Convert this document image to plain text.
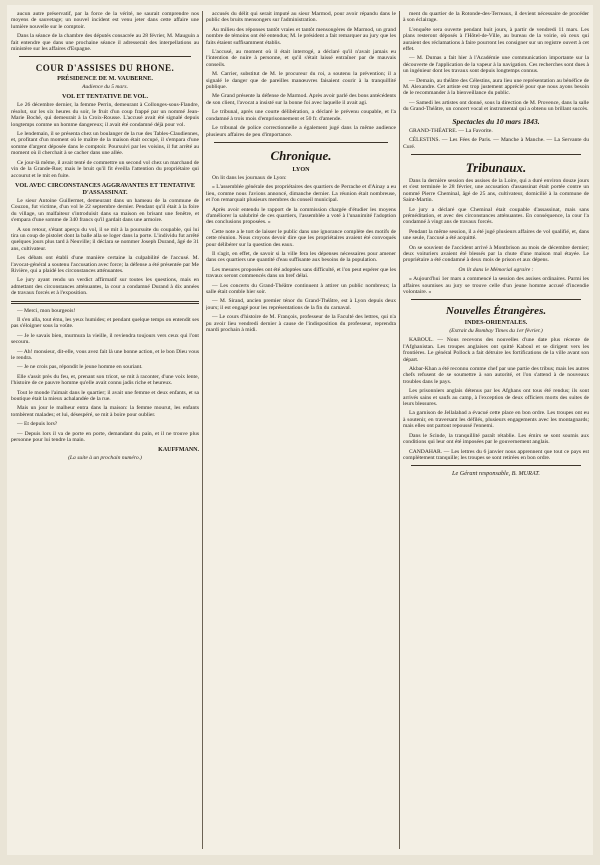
aucun autre préservatif, par la force de la vérité, ne saurait comprendre nos moyens de sauvetage; un nouvel incident est venu jeter dans cette affaire une lumière nouvelle sur le comptoir.

Dans la séance de la chambre des députés consacrée au 28 février, M. Mauguin a fait entendre que dans une prochaine séance il adresserait des interpellations au ministère sur les affaires d'Espagne.

COUR D'ASSISES DU RHONE.
PRÉSIDENCE DE M. VAUBERNE.
Audience du 5 mars.
VOL ET TENTATIVE DE VOL.

Le 26 décembre dernier, la femme Perrin, demeurant à Collonges-sous-Flandre, résolut, sur les six heures du soir, le fruit d'un coup frappé par un nommé Jean-Marie Boché, qui demeurait à la Croix-Rousse. L'accusé avait été signalé depuis longtemps comme un homme dangereux; il avait été condamné déjà pour vol.

Le lendemain, il se présenta chez un boulanger de la rue des Tables-Claudiennes, et, profitant d'un moment où le maître de la maison était occupé, il s'empara d'une somme d'argent déposée dans le comptoir. Poursuivi par les voisins, il fut arrêté au moment où il cherchait à se cacher dans une allée.

Ce jour-là même, il avait tenté de commettre un second vol chez un marchand de vin de la Grande-Rue; mais le bruit qu'il fit éveilla l'attention du propriétaire qui accourut et le mit en fuite.

VOL AVEC CIRCONSTANCES AGGRAVANTES ET TENTATIVE D'ASSASSINAT.

Le sieur Antoine Guillermet, demeurant dans un hameau de la commune de Couzon, fut victime, d'un vol le 22 septembre dernier. Pendant qu'il était à la foire du village, un malfaiteur s'introduisit dans sa maison en brisant une fenêtre, et s'empara d'une somme de 340 francs qu'il gardait dans une armoire.

A son retour, s'étant aperçu du vol, il se mit à la poursuite du coupable, qui lui tira un coup de pistolet dont la balle alla se loger dans la porte. L'individu fut arrêté quelques jours plus tard à Neuville; il déclara se nommer Joseph Durand, âgé de 31 ans, cultivateur.

Les débats ont établi d'une manière certaine la culpabilité de l'accusé. M. l'avocat-général a soutenu l'accusation avec force; la défense a été présentée par Me Rivière, qui a plaidé les circonstances atténuantes.

Le jury ayant rendu un verdict affirmatif sur toutes les questions, mais en admettant des circonstances atténuantes, la cour a condamné Durand à dix années de travaux forcés et à l'exposition.

— Merci, mon bourgeois!

Il s'en alla, tout ému, les yeux humides; et pendant quelque temps on entendit ses pas s'éloigner sous la voûte.

— Je le savais bien, murmura la vieille, il reviendra toujours vers ceux qui l'ont secouru.

— Ah! monsieur, dit-elle, vous avez fait là une bonne action, et le bon Dieu vous le rendra.

— Je ne crois pas, répondit le jeune homme en souriant.

Elle s'assit près du feu, et, prenant son tricot, se mit à raconter, d'une voix lente, l'histoire de ce pauvre homme qu'elle avait connu jadis riche et heureux.

Tout le monde l'aimait dans le quartier; il avait une femme et deux enfants, et sa boutique était la mieux achalandée de la rue.

Mais un jour le malheur entra dans la maison: la femme mourut, les enfants tombèrent malades; et lui, désespéré, se mit à boire pour oublier.

— Et depuis lors?

— Depuis lors il va de porte en porte, demandant du pain, et il ne trouve plus personne pour lui tendre la main.

KAUFFMANN.
(La suite à un prochain numéro.)

accusés du délit qui serait imputé au sieur Marmod, pour avoir répandu dans le public des bruits mensongers sur l'administration.

Au milieu des réponses tantôt vraies et tantôt mensongères de Marmod, un grand nombre de témoins ont été entendus; M. le président a fait remarquer au jury que les faits étaient suffisamment établis.

L'accusé, au moment où il était interrogé, a déclaré qu'il n'avait jamais eu l'intention de nuire à personne, et qu'il s'était laissé entraîner par de mauvais conseils.

M. Carrier, substitut de M. le procureur du roi, a soutenu la prévention; il a signalé le danger que de pareilles manœuvres faisaient courir à la tranquillité publique.

Me Grand présente la défense de Marmod. Après avoir parlé des bons antécédents de son client, l'avocat a insisté sur la bonne foi avec laquelle il avait agi.

Le tribunal, après une courte délibération, a déclaré le prévenu coupable, et l'a condamné à trois mois d'emprisonnement et 50 fr. d'amende.

Le tribunal de police correctionnelle a également jugé dans la même audience plusieurs affaires de peu d'importance.

Chronique.
LYON

On lit dans les journaux de Lyon:

« L'assemblée générale des propriétaires des quartiers de Perrache et d'Ainay a eu lieu, comme nous l'avions annoncé, dimanche dernier. La réunion était nombreuse, et l'on remarquait plusieurs membres du conseil municipal.

Après avoir entendu le rapport de la commission chargée d'étudier les moyens d'améliorer la salubrité de ces quartiers, l'assemblée a voté à l'unanimité l'adoption des conclusions proposées. »

Cette note a le tort de laisser le public dans une ignorance complète des motifs de cette réunion. Nous croyons devoir dire que les propriétaires avaient été convoqués pour délibérer sur la question des eaux.

Il s'agit, en effet, de savoir si la ville fera les dépenses nécessaires pour amener dans ces quartiers une quantité d'eau suffisante aux besoins de la population.

Les mesures proposées ont été adoptées sans difficulté, et l'on peut espérer que les travaux seront commencés dans un bref délai.

— Les concerts du Grand-Théâtre continuent à attirer un public nombreux; la salle était comble hier soir.

— M. Sirand, ancien premier ténor du Grand-Théâtre, est à Lyon depuis deux jours; il est engagé pour les représentations de la fin du carnaval.

— Le cours d'histoire de M. François, professeur de la Faculté des lettres, qui n'a pu avoir lieu vendredi dernier à cause de l'indisposition du professeur, reprendra mardi prochain à midi.

ment du quartier de la Rotonde-des-Terreaux, il devient nécessaire de procéder à son éclairage.

L'enquête sera ouverte pendant huit jours, à partir de vendredi 11 mars. Les plans resteront déposés à l'Hôtel-de-Ville, au bureau de la voirie, où ceux qui auraient des réclamations à faire pourront les consigner sur un registre ouvert à cet effet.

— M. Dumas a fait hier à l'Académie une communication importante sur la découverte de l'application de la vapeur à la navigation. Ces recherches sont dues à un ingénieur dont les travaux sont depuis longtemps connus.

— Demain, au théâtre des Célestins, aura lieu une représentation au bénéfice de M. Alexandre. Cet artiste est trop justement apprécié pour que nous ayons besoin de le recommander à la bienveillance du public.

— Samedi les artistes ont donné, sous la direction de M. Provence, dans la salle du Grand-Théâtre, un concert vocal et instrumental qui a obtenu un brillant succès.

Spectacles du 10 mars 1843.

GRAND-THÉATRE. — La Favorite.

CÉLESTINS. — Les Fées de Paris. — Manche à Manche. — La Servante du Curé.

Tribunaux.

Dans la dernière session des assises de la Loire, qui a duré environ douze jours et s'est terminée le 28 février, une accusation d'assassinat était portée contre un nommé Pierre Cheminal, âgé de 25 ans, cultivateur, domicilié à la commune de Saint-Martin.

Le jury a déclaré que Cheminal était coupable d'assassinat, mais sans préméditation, et avec des circonstances atténuantes. En conséquence, la cour l'a condamné à vingt ans de travaux forcés.

Pendant la même session, il a été jugé plusieurs affaires de vol qualifié, et, dans une seule, l'accusé a été acquitté.

On se souvient de l'accident arrivé à Montbrison au mois de décembre dernier; deux voituriers avaient été blessés par la chute d'une maison mal étayée. Le propriétaire a été condamné à deux mois de prison et aux dépens.

On lit dans le Mémorial agraire :

« Aujourd'hui 1er mars a commencé la session des assises ordinaires. Parmi les affaires soumises au jury se trouve celle d'un jeune homme accusé d'incendie volontaire. »

Nouvelles Étrangères.
INDES-ORIENTALES.
(Extrait du Bombay Times du 1er février.)

KABOUL. — Nous recevons des nouvelles d'une date plus récente de l'Afghanistan. Les troupes anglaises ont quitté Kaboul et se dirigent vers les frontières. Le général Pollock a fait détruire les fortifications de la ville avant son départ.

Akbar-Khan a été reconnu comme chef par une partie des tribus; mais les autres chefs refusent de se soumettre à son autorité, et l'on s'attend à de nouveaux troubles dans le pays.

Les prisonniers anglais détenus par les Afghans ont tous été rendus; ils sont arrivés sains et saufs au camp, à l'exception de deux officiers morts des suites de leurs blessures.

La garnison de Jellalabad a évacué cette place en bon ordre. Les troupes ont eu à soutenir, en traversant les défilés, plusieurs engagements avec les montagnards; mais elles ont partout repoussé l'ennemi.

Dans le Scinde, la tranquillité paraît rétablie. Les émirs se sont soumis aux conditions qui leur ont été imposées par le gouvernement anglais.

CANDAHAR. — Les lettres du 6 janvier nous apprennent que tout ce pays est complètement tranquille; les troupes se sont retirées en bon ordre.

Le Gérant responsable, B. MURAT.
